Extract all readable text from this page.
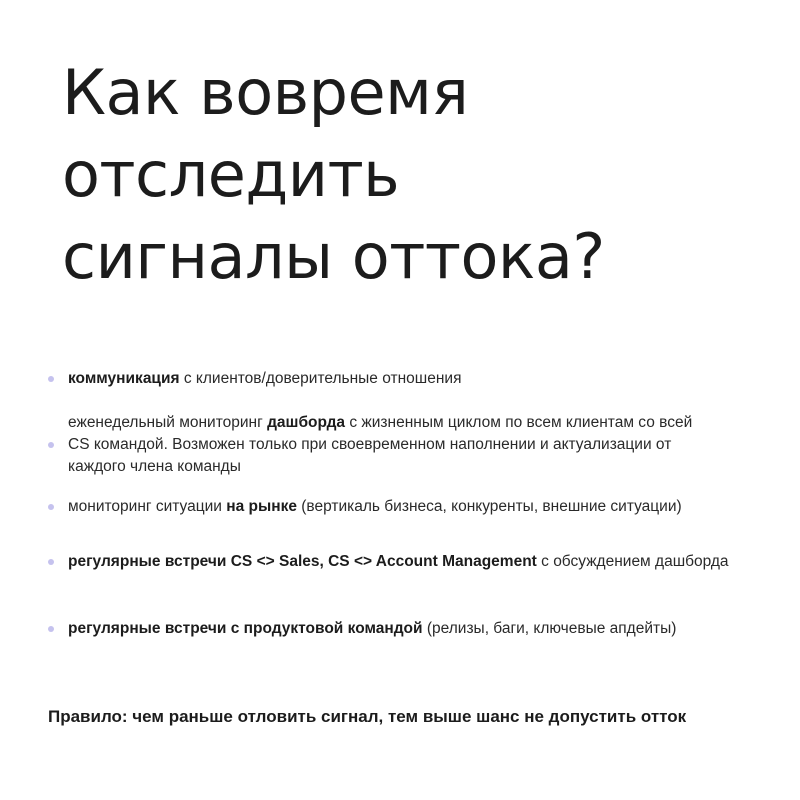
Как вовремя
отследить
сигналы оттока?
коммуникация с клиентов/доверительные отношения
еженедельный мониторинг дашборда с жизненным циклом по всем клиентам со всей CS командой. Возможен только при своевременном наполнении и актуализации от каждого члена команды
мониторинг ситуации на рынке (вертикаль бизнеса, конкуренты, внешние ситуации)
регулярные встречи CS <> Sales, CS <> Account Management с обсуждением дашборда
регулярные встречи с продуктовой командой (релизы, баги, ключевые апдейты)

Правило: чем раньше отловить сигнал, тем выше шанс не допустить отток
